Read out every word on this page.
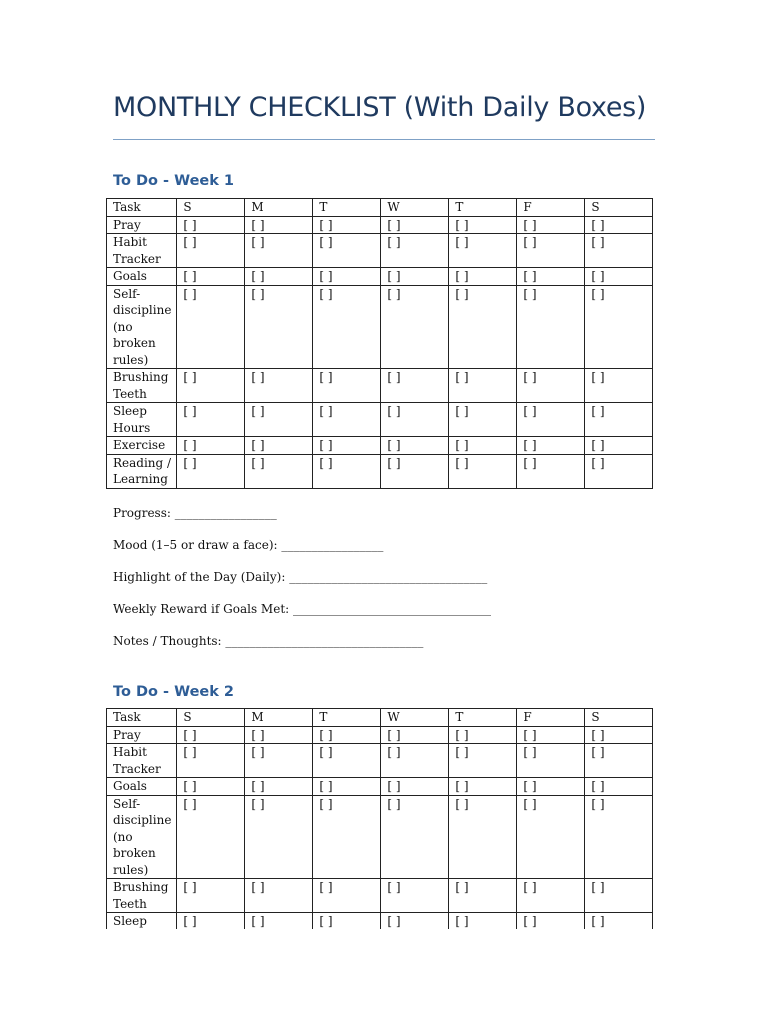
MONTHLY CHECKLIST (With Daily Boxes)
To Do - Week 1
Task	S	M	T	W	T	F	S
Pray	[ ]	[ ]	[ ]	[ ]	[ ]	[ ]	[ ]
Habit Tracker	[ ]	[ ]	[ ]	[ ]	[ ]	[ ]	[ ]
Goals	[ ]	[ ]	[ ]	[ ]	[ ]	[ ]	[ ]
Self-discipline (no broken rules)	[ ]	[ ]	[ ]	[ ]	[ ]	[ ]	[ ]
Brushing Teeth	[ ]	[ ]	[ ]	[ ]	[ ]	[ ]	[ ]
Sleep Hours	[ ]	[ ]	[ ]	[ ]	[ ]	[ ]	[ ]
Exercise	[ ]	[ ]	[ ]	[ ]	[ ]	[ ]	[ ]
Reading / Learning	[ ]	[ ]	[ ]	[ ]	[ ]	[ ]	[ ]

Progress: _________________

Mood (1–5 or draw a face): _________________

Highlight of the Day (Daily): _________________________________

Weekly Reward if Goals Met: _________________________________

Notes / Thoughts: _________________________________

To Do - Week 2
Task	S	M	T	W	T	F	S
Pray	[ ]	[ ]	[ ]	[ ]	[ ]	[ ]	[ ]
Habit Tracker	[ ]	[ ]	[ ]	[ ]	[ ]	[ ]	[ ]
Goals	[ ]	[ ]	[ ]	[ ]	[ ]	[ ]	[ ]
Self-discipline (no broken rules)	[ ]	[ ]	[ ]	[ ]	[ ]	[ ]	[ ]
Brushing Teeth	[ ]	[ ]	[ ]	[ ]	[ ]	[ ]	[ ]
Sleep	[ ]	[ ]	[ ]	[ ]	[ ]	[ ]	[ ]
